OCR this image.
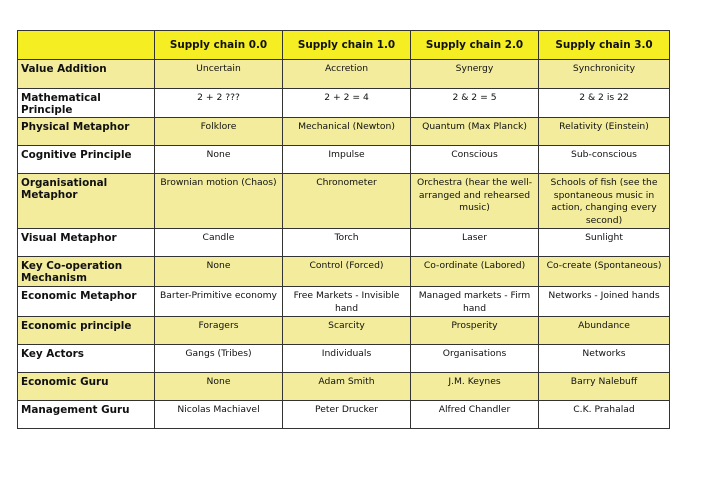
	Supply chain 0.0	Supply chain 1.0	Supply chain 2.0	Supply chain 3.0
Value Addition	Uncertain	Accretion	Synergy	Synchronicity
Mathematical Principle	2 + 2 ???	2 + 2 = 4	2 & 2 = 5	2 & 2 is 22
Physical Metaphor	Folklore	Mechanical (Newton)	Quantum (Max Planck)	Relativity (Einstein)
Cognitive Principle	None	Impulse	Conscious	Sub-conscious
Organisational Metaphor	Brownian motion (Chaos)	Chronometer	Orchestra (hear the well-arranged and rehearsed music)	Schools of fish (see the spontaneous music in action, changing every second)
Visual Metaphor	Candle	Torch	Laser	Sunlight
Key Co-operation Mechanism	None	Control (Forced)	Co-ordinate (Labored)	Co-create (Spontaneous)
Economic Metaphor	Barter-Primitive economy	Free Markets - Invisible hand	Managed markets - Firm hand	Networks - Joined hands
Economic principle	Foragers	Scarcity	Prosperity	Abundance
Key Actors	Gangs (Tribes)	Individuals	Organisations	Networks
Economic Guru	None	Adam Smith	J.M. Keynes	Barry Nalebuff
Management Guru	Nicolas Machiavel	Peter Drucker	Alfred Chandler	C.K. Prahalad
